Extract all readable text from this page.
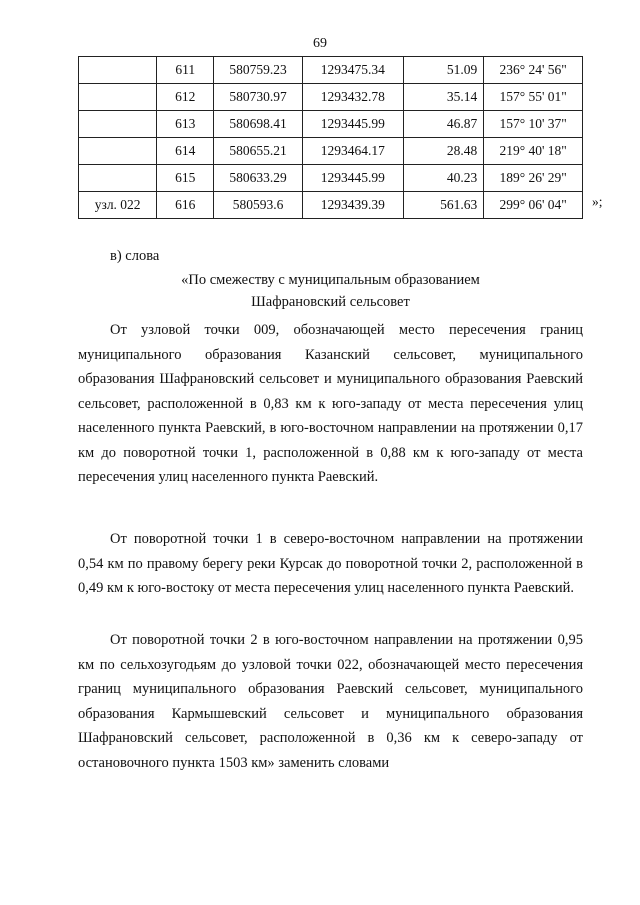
69
	611	580759.23	1293475.34	51.09	236° 24' 56"
	612	580730.97	1293432.78	35.14	157° 55' 01"
	613	580698.41	1293445.99	46.87	157° 10' 37"
	614	580655.21	1293464.17	28.48	219° 40' 18"
	615	580633.29	1293445.99	40.23	189° 26' 29"
узл. 022	616	580593.6	1293439.39	561.63	299° 06' 04" »;
в) слова
«По смежеству с муниципальным образованием
Шафрановский сельсовет

От узловой точки 009, обозначающей место пересечения границ муниципального образования Казанский сельсовет, муниципального образования Шафрановский сельсовет и муниципального образования Раевский сельсовет, расположенной в 0,83 км к юго-западу от места пересечения улиц населенного пункта Раевский, в юго-восточном направлении на протяжении 0,17 км до поворотной точки 1, расположенной в 0,88 км к юго-западу от места пересечения улиц населенного пункта Раевский.

От поворотной точки 1 в северо-восточном направлении на протяжении 0,54 км по правому берегу реки Курсак до поворотной точки 2, расположенной в 0,49 км к юго-востоку от места пересечения улиц населенного пункта Раевский.

От поворотной точки 2 в юго-восточном направлении на протяжении 0,95 км по сельхозугодьям до узловой точки 022, обозначающей место пересечения границ муниципального образования Раевский сельсовет, муниципального образования Кармышевский сельсовет и муниципального образования Шафрановский сельсовет, расположенной в 0,36 км к северо-западу от остановочного пункта 1503 км» заменить словами
